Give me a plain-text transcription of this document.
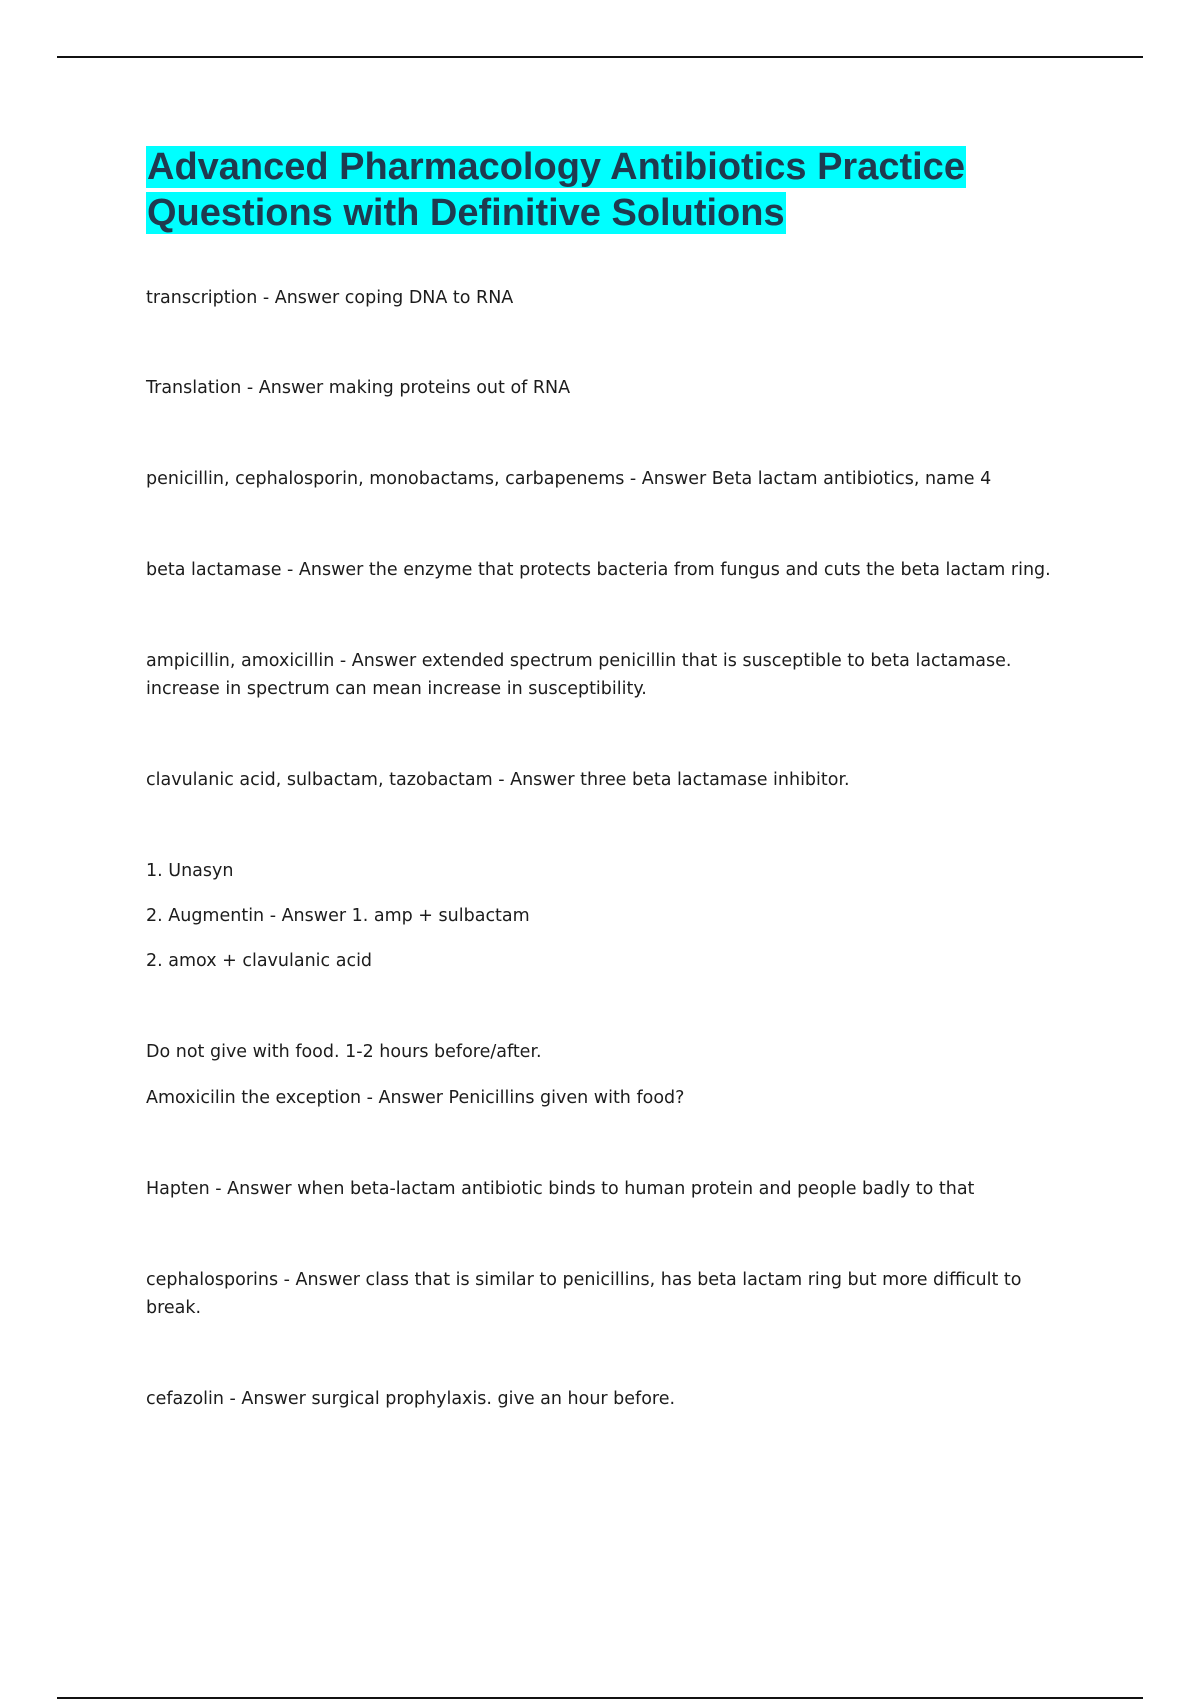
Advanced Pharmacology Antibiotics Practice
Questions with Definitive Solutions

transcription - Answer coping DNA to RNA

Translation - Answer making proteins out of RNA

penicillin, cephalosporin, monobactams, carbapenems - Answer Beta lactam antibiotics, name 4

beta lactamase - Answer the enzyme that protects bacteria from fungus and cuts the beta lactam ring.

ampicillin, amoxicillin - Answer extended spectrum penicillin that is susceptible to beta lactamase.
increase in spectrum can mean increase in susceptibility.

clavulanic acid, sulbactam, tazobactam - Answer three beta lactamase inhibitor.

1. Unasyn

2. Augmentin - Answer 1. amp + sulbactam

2. amox + clavulanic acid

Do not give with food. 1-2 hours before/after.

Amoxicilin the exception - Answer Penicillins given with food?

Hapten - Answer when beta-lactam antibiotic binds to human protein and people badly to that

cephalosporins - Answer class that is similar to penicillins, has beta lactam ring but more difficult to
break.

cefazolin - Answer surgical prophylaxis. give an hour before.
